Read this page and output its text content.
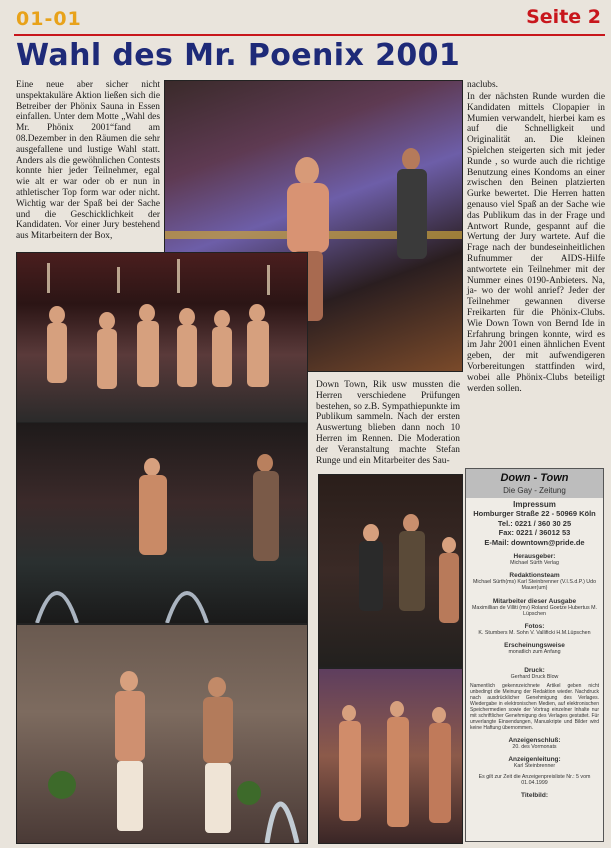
01-01	Seite 2
Wahl des Mr. Poenix 2001
Eine neue aber sicher nicht unspektakuläre Aktion ließen sich die Betreiber der Phönix Sauna in Essen einfallen. Unter dem Motte „Wahl des Mr. Phönix 2001“fand am 08.Dezember in den Räumen die sehr ausgefallene und lustige Wahl statt. Anders als die gewöhnlichen Contests konnte hier jeder Teilnehmer, egal wie alt er war oder ob er nun in athletischer Top form war oder nicht. Wichtig war der Spaß bei der Sache und die Geschicklichkeit der Kandidaten. Vor einer Jury bestehend aus Mitarbeitern der Box,
naclubs.
In der nächsten Runde wurden die Kandidaten mittels Clopapier in Mumien verwandelt, hierbei kam es auf die Schnelligkeit und Originalität an. Die kleinen Spielchen steigerten sich mit jeder Runde , so wurde auch die richtige Benutzung eines Kondoms an einer zwischen den Beinen platzierten Gurke bewertet. Die Herren hatten genauso viel Spaß an der Sache wie das Publikum das in der Frage und Antwort Runde, gespannt auf die Wertung der Jury wartete. Auf die Frage nach der bundeseinheitlichen Rufnummer der AIDS-Hilfe antwortete ein Teilnehmer mit der Nummer eines 0190-Anbieters. Na, ja- wo der wohl anrief? Jeder der Teilnehmer gewannen diverse Freikarten für die Phönix-Clubs. Wie Down Town von Bernd Ide in Erfahrung bringen konnte, wird es im Jahr 2001 einen ähnlichen Event geben, der mit aufwendigeren Vorbereitungen stattfinden wird, wobei alle Phönix-Clubs beteiligt werden sollen.
Down Town, Rik usw mussten die Herren verschiedene Prüfungen bestehen, so z.B. Sympathiepunkte im Publikum sammeln. Nach der ersten Auswertung blieben dann noch 10 Herren im Rennen. Die Moderation der Veranstaltung machte Stefan Runge und ein Mitarbeiter des Sau-
Down - Town
Die Gay - Zeitung
Impressum
Homburger Straße 22 - 50969 Köln
Tel.: 0221 / 360 30 25
Fax: 0221 / 36012 53
E-Mail: downtown@pride.de
Herausgeber:
Michael Sürth Verlag
Redaktionsteam
Michael Sürth(ms) Karl Steinbrenner (V.I.S.d.P.) Udo Mauer(um)
Mitarbeiter dieser Ausgabe
Maximillian de Villiti (mv) Roland Goetze Hubertus M. Lüpschen
Fotos:
K. Stumbers M. Sohn V. Vallificki H.M.Lüpschen
Erscheinungsweise
monatlich zum Anfang
Druck:
Gerhard Druck Blow
Namentlich gekennzeichnete Artikel geben nicht unbedingt die Meinung der Redaktion wieder. Nachdruck nach ausdrücklicher Genehmigung des Verlages. Wiedergabe in elektronischen Medien, auf elektronischen Speichermedien sowie der Vortrag einzelner Inhalte nur mit schriftlicher Genehmigung des Verlages gestattet. Für unverlangte Einsendungen, Manuskripte und Bilder wird keine Haftung übernommen.
Anzeigenschluß:
20. des Vormonats
Anzeigenleitung:
Karl Steinbrenner
Es gilt zur Zeit die Anzeigenpreisliste Nr.: 5 vom 01.04.1999
Titelbild:
